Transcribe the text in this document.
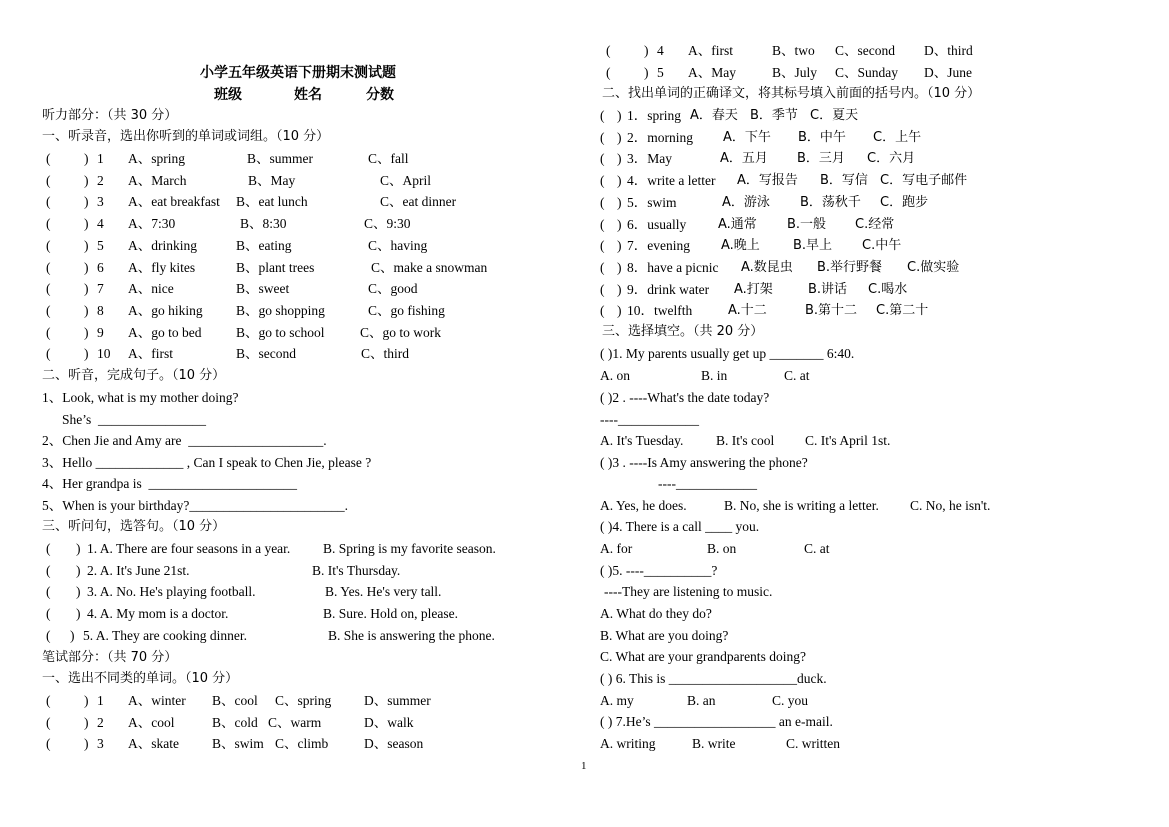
小学五年级英语下册期末测试题
班级	姓名	分数
听力部分：（共 30 分）
一、听录音，选出你听到的单词或词组。（10 分）
( ) 1 A、spring	B、summer	C、fall
( ) 2 A、March	B、May	C、April
( ) 3 A、eat breakfast B、eat lunch	C、eat dinner
( ) 4 A、7:30	B、8:30	C、9:30
( ) 5 A、drinking	B、eating	C、having
( ) 6 A、fly kites	B、plant trees	C、make a snowman
( ) 7 A、nice	B、sweet	C、good
( ) 8 A、go hiking B、go shopping	C、go fishing
( ) 9 A、go to bed	B、go to school	C、go to work
( ) 10 A、first	B、second	C、third
二、听音，完成句子。（10 分）
1、Look, what is my mother doing?
She’s  ________________
2、Chen Jie and Amy are  ____________________.
3、Hello _____________ , Can I speak to Chen Jie, please ?
4、Her grandpa is  ______________________
5、When is your birthday?_______________________.
三、听问句，选答句。（10 分）
( ) 1. A. There are four seasons in a year. B. Spring is my favorite season.
( ) 2. A. It's June 21st.	B. It's Thursday.
( ) 3. A. No. He's playing football.	B. Yes. He's very tall.
( ) 4. A. My mom is a doctor.	B. Sure. Hold on, please.
( ) 5. A. They are cooking dinner.	B. She is answering the phone.
笔试部分：（共 70 分）
一、选出不同类的单词。（10 分）
( ) 1 A、winter B、cool C、spring D、summer
( ) 2 A、cool	B、cold C、warm	D、walk
( ) 3 A、skate B、swim C、climb	D、season
( ) 4 A、first	B、two C、second D、third
( ) 5 A、May	B、July C、Sunday D、June
二、找出单词的正确译文，将其标号填入前面的括号内。（10 分）
( ) 1．spring A．春天 B．季节 C．夏天
( ) 2．morning A．下午 B．中午 C．上午
( ) 3．May	A．五月 B．三月 C．六月
( ) 4．write a letter A．写报告 B．写信 C．写电子邮件
( ) 5．swim	A．游泳 B．荡秋千 C．跑步
( ) 6．usually A.通常 B.一般 C.经常
( ) 7．evening A.晚上	B.早上 C.中午
( ) 8．have a picnic A.数昆虫 B.举行野餐 C.做实验
( ) 9．drink water A.打架	B.讲话 C.喝水
( ) 10．twelfth	A.十二	B.第十二 C.第二十
三、选择填空。（共 20 分）
( )1. My parents usually get up ________ 6:40.
A. on	B. in	C. at
( )2 . ----What's the date today?
----____________
A. It's Tuesday. B. It's cool C. It's April 1st.
( )3 . ----Is Amy answering the phone?
----____________
A. Yes, he does.	B. No, she is writing a letter. C. No, he isn't.
( )4. There is a call ____ you.
A. for	B. on	C. at
( )5. ----__________?
----They are listening to music.
A. What do they do?
B. What are you doing?
C. What are your grandparents doing?
( ) 6. This is ___________________duck.
A. my	B. an	C. you
( ) 7.He’s __________________ an e-mail.
A. writing	B. write	C. written
1
